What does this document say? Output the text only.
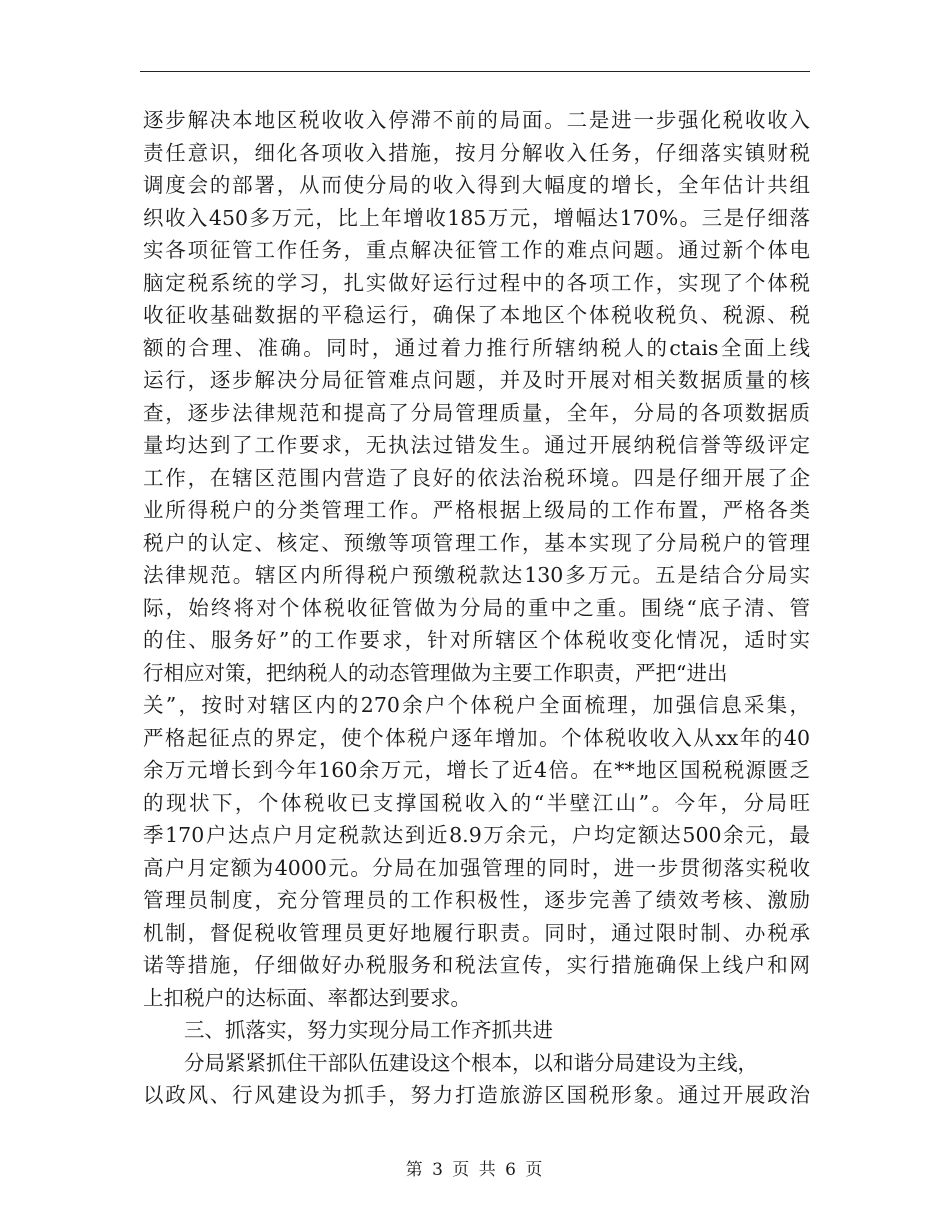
逐步解决本地区税收收入停滞不前的局面。二是进一步强化税收收入
责任意识，细化各项收入措施，按月分解收入任务，仔细落实镇财税
调度会的部署，从而使分局的收入得到大幅度的增长，全年估计共组
织收入450多万元，比上年增收185万元，增幅达170%。三是仔细落
实各项征管工作任务，重点解决征管工作的难点问题。通过新个体电
脑定税系统的学习，扎实做好运行过程中的各项工作，实现了个体税
收征收基础数据的平稳运行，确保了本地区个体税收税负、税源、税
额的合理、准确。同时，通过着力推行所辖纳税人的ctais全面上线
运行，逐步解决分局征管难点问题，并及时开展对相关数据质量的核
查，逐步法律规范和提高了分局管理质量，全年，分局的各项数据质
量均达到了工作要求，无执法过错发生。通过开展纳税信誉等级评定
工作，在辖区范围内营造了良好的依法治税环境。四是仔细开展了企
业所得税户的分类管理工作。严格根据上级局的工作布置，严格各类
税户的认定、核定、预缴等项管理工作，基本实现了分局税户的管理
法律规范。辖区内所得税户预缴税款达130多万元。五是结合分局实
际，始终将对个体税收征管做为分局的重中之重。围绕“底子清、管
的住、服务好”的工作要求，针对所辖区个体税收变化情况，适时实
行相应对策，把纳税人的动态管理做为主要工作职责，严把“进出
关”，按时对辖区内的270余户个体税户全面梳理，加强信息采集，
严格起征点的界定，使个体税户逐年增加。个体税收收入从xx年的40
余万元增长到今年160余万元，增长了近4倍。在**地区国税税源匮乏
的现状下，个体税收已支撑国税收入的“半壁江山”。今年，分局旺
季170户达点户月定税款达到近8.9万余元，户均定额达500余元，最
高户月定额为4000元。分局在加强管理的同时，进一步贯彻落实税收
管理员制度，充分管理员的工作积极性，逐步完善了绩效考核、激励
机制，督促税收管理员更好地履行职责。同时，通过限时制、办税承
诺等措施，仔细做好办税服务和税法宣传，实行措施确保上线户和网
上扣税户的达标面、率都达到要求。
三、抓落实，努力实现分局工作齐抓共进
分局紧紧抓住干部队伍建设这个根本，以和谐分局建设为主线，
以政风、行风建设为抓手，努力打造旅游区国税形象。通过开展政治
第 3 页 共 6 页
